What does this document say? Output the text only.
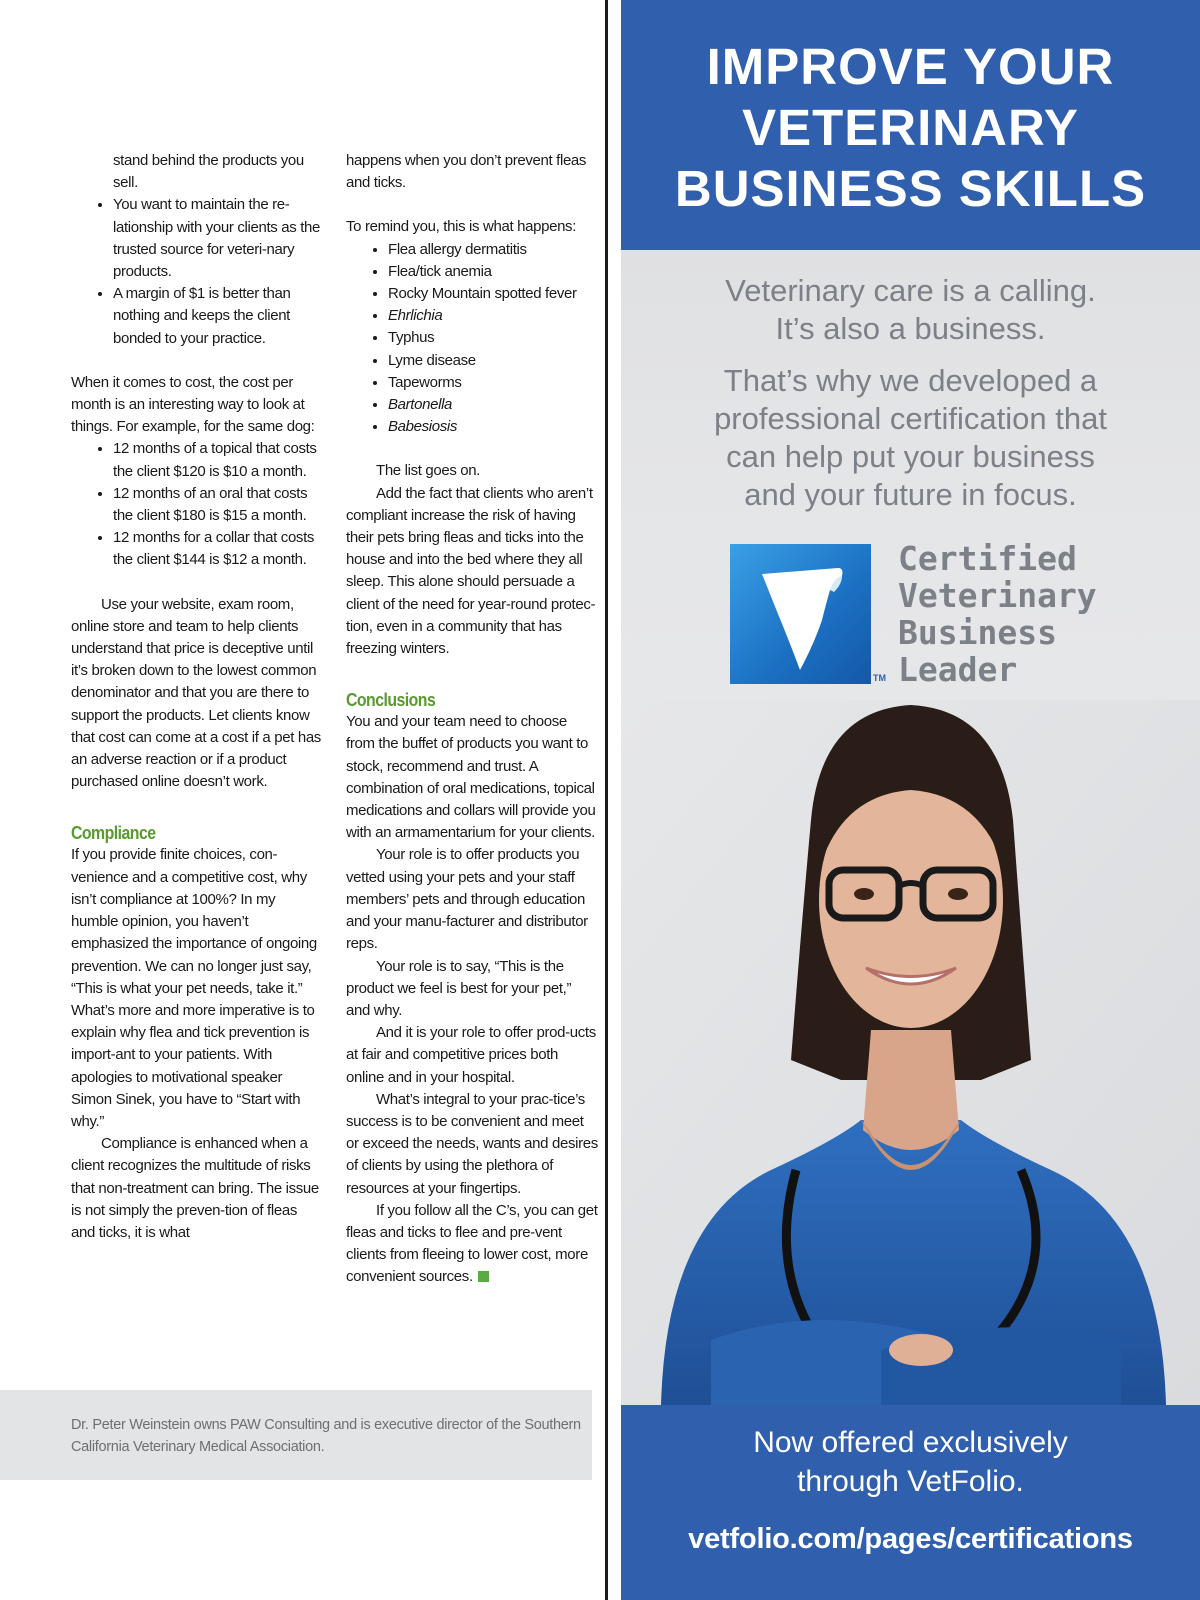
stand behind the products you sell.

• You want to maintain the re-lationship with your clients as the trusted source for veteri-nary products.
• A margin of $1 is better than nothing and keeps the client bonded to your practice.

When it comes to cost, the cost per month is an interesting way to look at things. For example, for the same dog:

• 12 months of a topical that costs the client $120 is $10 a month.
• 12 months of an oral that costs the client $180 is $15 a month.
• 12 months for a collar that costs the client $144 is $12 a month.

Use your website, exam room, online store and team to help clients understand that price is deceptive until it’s broken down to the lowest common denominator and that you are there to support the products. Let clients know that cost can come at a cost if a pet has an adverse reaction or if a product purchased online doesn’t work.

Compliance

If you provide finite choices, con-venience and a competitive cost, why isn’t compliance at 100%? In my humble opinion, you haven’t emphasized the importance of ongoing prevention. We can no longer just say, “This is what your pet needs, take it.” What’s more and more imperative is to explain why flea and tick prevention is import-ant to your patients. With apologies to motivational speaker Simon Sinek, you have to “Start with why.”

Compliance is enhanced when a client recognizes the multitude of risks that non-treatment can bring. The issue is not simply the preven-tion of fleas and ticks, it is what

happens when you don’t prevent fleas and ticks.

To remind you, this is what happens:

• Flea allergy dermatitis
• Flea/tick anemia
• Rocky Mountain spotted fever
• Ehrlichia
• Typhus
• Lyme disease
• Tapeworms
• Bartonella
• Babesiosis

The list goes on.

Add the fact that clients who aren’t compliant increase the risk of having their pets bring fleas and ticks into the house and into the bed where they all sleep. This alone should persuade a client of the need for year-round protec-tion, even in a community that has freezing winters.

Conclusions

You and your team need to choose from the buffet of products you want to stock, recommend and trust. A combination of oral medications, topical medications and collars will provide you with an armamentarium for your clients.

Your role is to offer products you vetted using your pets and your staff members’ pets and through education and your manu-facturer and distributor reps.

Your role is to say, “This is the product we feel is best for your pet,” and why.

And it is your role to offer prod-ucts at fair and competitive prices both online and in your hospital.

What’s integral to your prac-tice’s success is to be convenient and meet or exceed the needs, wants and desires of clients by using the plethora of resources at your fingertips.

If you follow all the C’s, you can get fleas and ticks to flee and pre-vent clients from fleeing to lower cost, more convenient sources.

Dr. Peter Weinstein owns PAW Consulting and is executive director of the Southern California Veterinary Medical Association.

IMPROVE YOUR
VETERINARY
BUSINESS SKILLS
Veterinary care is a calling.
It’s also a business.
That’s why we developed a
professional certification that
can help put your business
and your future in focus.
TM
Certified
Veterinary
Business
Leader
Now offered exclusively
through VetFolio.
vetfolio.com/pages/certifications
